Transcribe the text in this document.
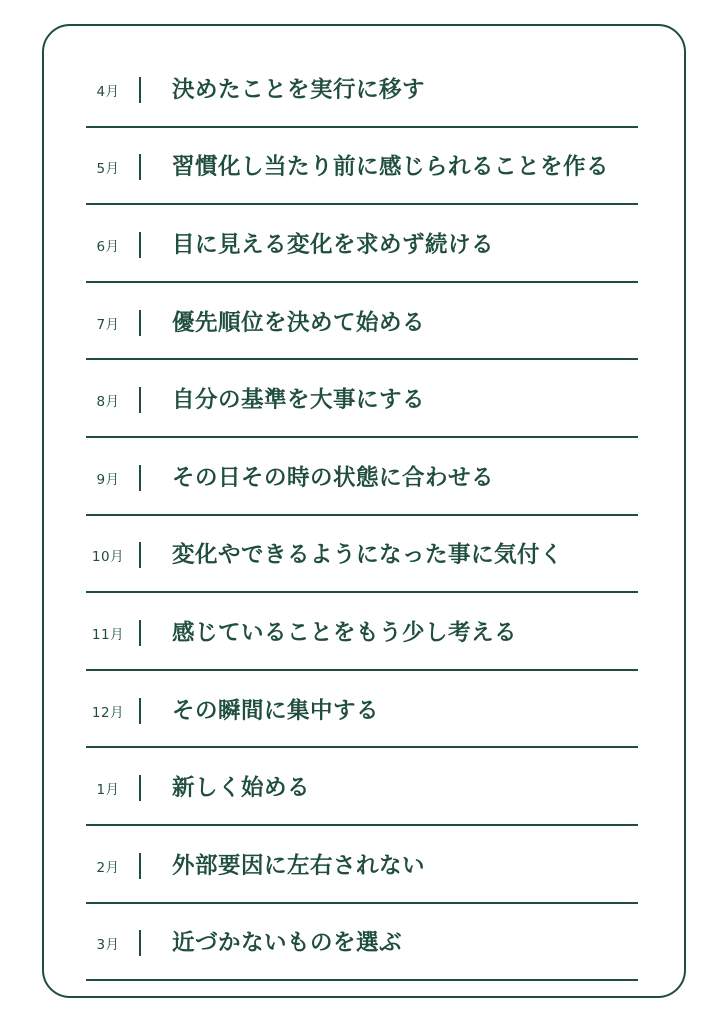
4月	決めたことを実行に移す
5月	習慣化し当たり前に感じられることを作る
6月	目に見える変化を求めず続ける
7月	優先順位を決めて始める
8月	自分の基準を大事にする
9月	その日その時の状態に合わせる
10月 変化やできるようになった事に気付く
11月 感じていることをもう少し考える
12月 その瞬間に集中する
1月	新しく始める
2月	外部要因に左右されない
3月	近づかないものを選ぶ
